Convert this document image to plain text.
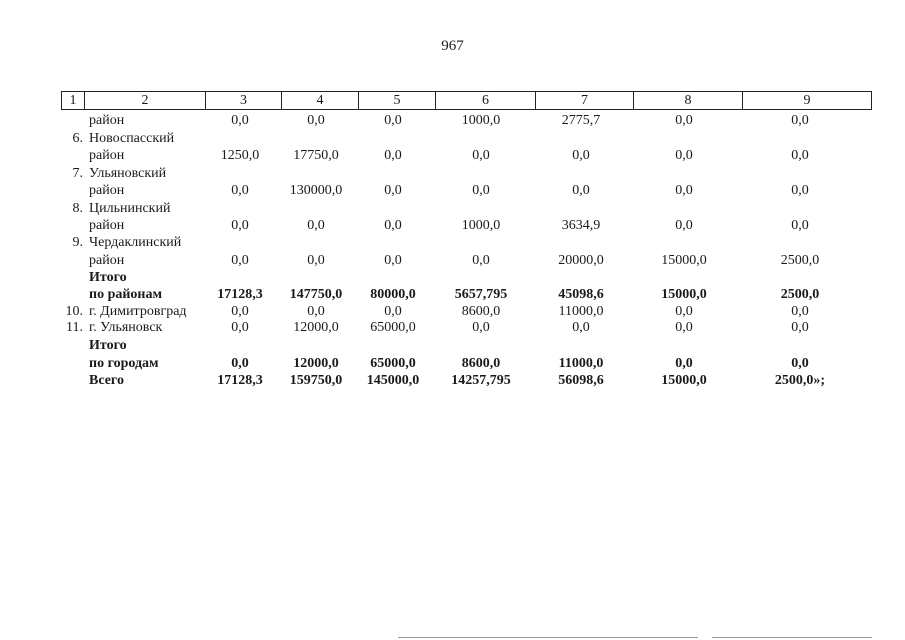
967
1	2	3	4	5	6	7	8	9
район	0,0	0,0	0,0	1000,0	2775,7	0,0	0,0
6. Новоспасский
район	1250,0	17750,0	0,0	0,0	0,0	0,0	0,0
7. Ульяновский
район	0,0	130000,0	0,0	0,0	0,0	0,0	0,0
8. Цильнинский
район	0,0	0,0	0,0	1000,0	3634,9	0,0	0,0
9. Чердаклинский
район	0,0	0,0	0,0	0,0	20000,0	15000,0	2500,0
Итого
по районам	17128,3	147750,0	80000,0	5657,795	45098,6	15000,0	2500,0
10. г. Димитровград	0,0	0,0	0,0	8600,0	11000,0	0,0	0,0
11. г. Ульяновск	0,0	12000,0	65000,0	0,0	0,0	0,0	0,0
Итого
по городам	0,0	12000,0	65000,0	8600,0	11000,0	0,0	0,0
Всего	17128,3	159750,0	145000,0	14257,795	56098,6	15000,0	2500,0»;
